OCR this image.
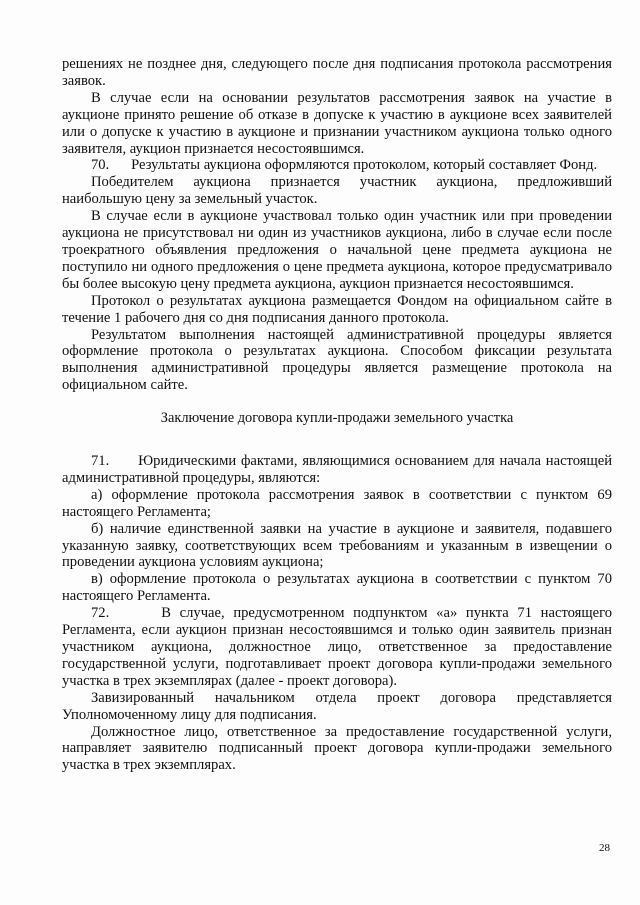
решениях не позднее дня, следующего после дня подписания протокола рассмотрения заявок.

В случае если на основании результатов рассмотрения заявок на участие в аукционе принято решение об отказе в допуске к участию в аукционе всех заявителей или о допуске к участию в аукционе и признании участником аукциона только одного заявителя, аукцион признается несостоявшимся.

70.      Результаты аукциона оформляются протоколом, который составляет Фонд.

Победителем аукциона признается участник аукциона, предложивший наибольшую цену за земельный участок.

В случае если в аукционе участвовал только один участник или при проведении аукциона не присутствовал ни один из участников аукциона, либо в случае если после троекратного объявления предложения о начальной цене предмета аукциона не поступило ни одного предложения о цене предмета аукциона, которое предусматривало бы более высокую цену предмета аукциона, аукцион признается несостоявшимся.

Протокол о результатах аукциона размещается Фондом на официальном сайте в течение 1 рабочего дня со дня подписания данного протокола.

Результатом выполнения настоящей административной процедуры является оформление протокола о результатах аукциона. Способом фиксации результата выполнения административной процедуры является размещение протокола на официальном сайте.

Заключение договора купли-продажи земельного участка

71.      Юридическими фактами, являющимися основанием для начала настоящей административной процедуры, являются:

а) оформление протокола рассмотрения заявок в соответствии с пунктом 69 настоящего Регламента;

б) наличие единственной заявки на участие в аукционе и заявителя, подавшего указанную заявку, соответствующих всем требованиям и указанным в извещении о проведении аукциона условиям аукциона;

в) оформление протокола о результатах аукциона в соответствии с пунктом 70 настоящего Регламента.

72.      В случае, предусмотренном подпунктом «а» пункта 71 настоящего Регламента, если аукцион признан несостоявшимся и только один заявитель признан участником аукциона, должностное лицо, ответственное за предоставление государственной услуги, подготавливает проект договора купли-продажи земельного участка в трех экземплярах (далее - проект договора).

Завизированный начальником отдела проект договора представляется Уполномоченному лицу для подписания.

Должностное лицо, ответственное за предоставление государственной услуги, направляет заявителю подписанный проект договора купли-продажи земельного участка в трех экземплярах.

28
